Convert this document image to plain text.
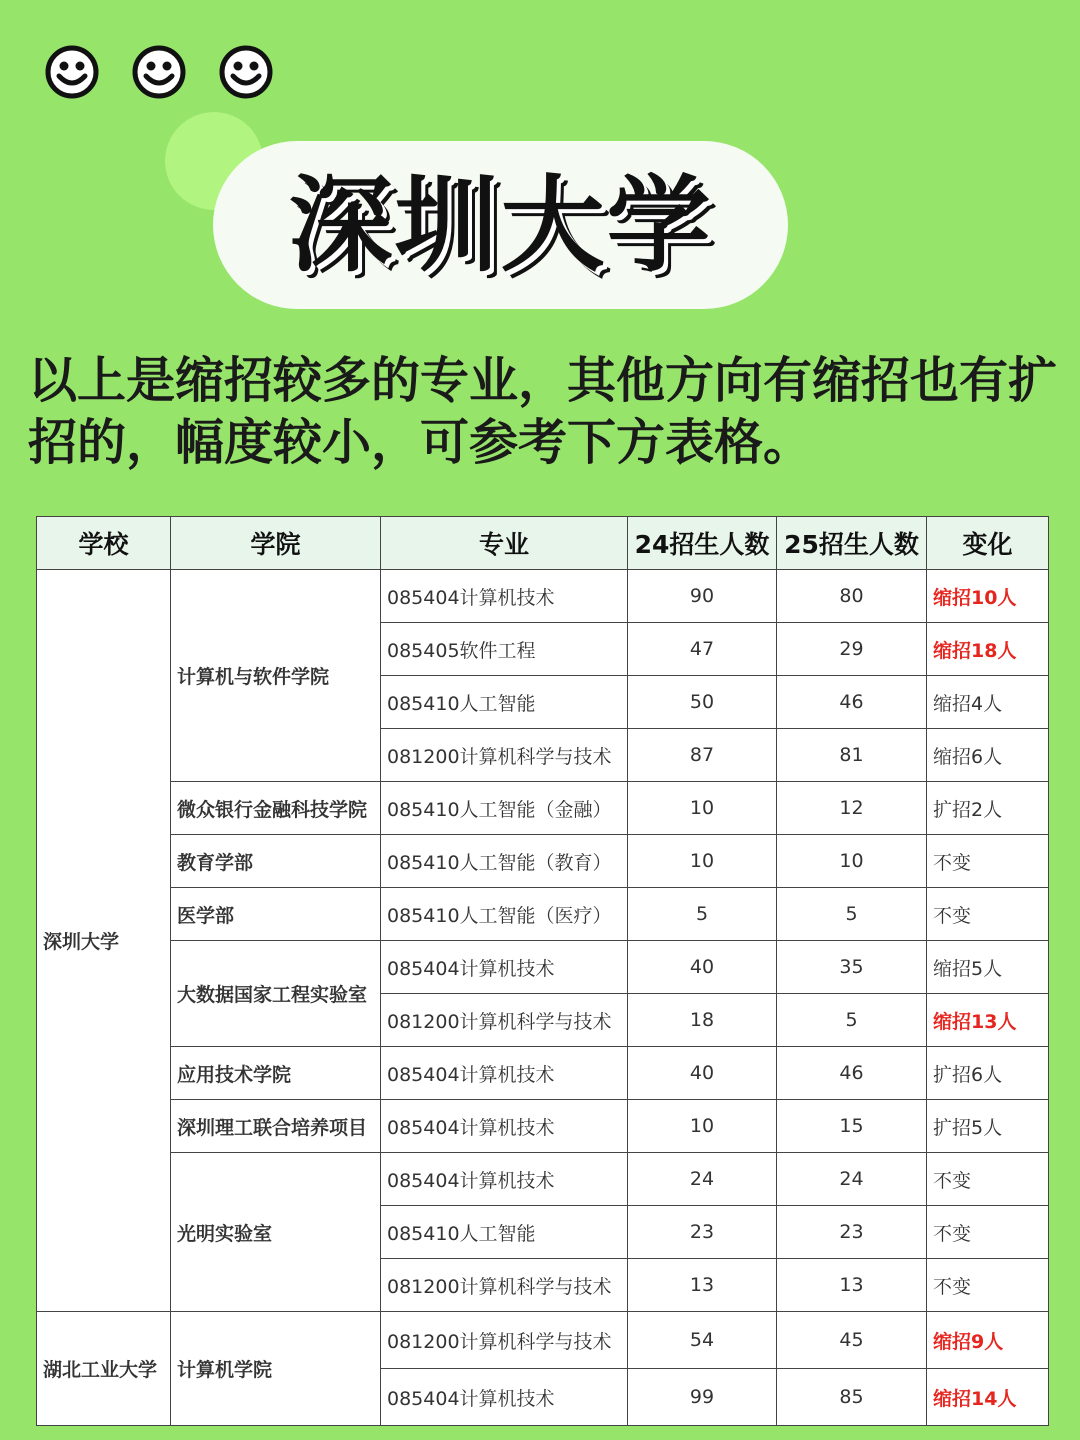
深圳大学

以上是缩招较多的专业，其他方向有缩招也有扩招的，幅度较小，可参考下方表格。

学校	学院	专业	24招生人数	25招生人数	变化
深圳大学	计算机与软件学院	085404计算机技术	90	80	缩招10人
		085405软件工程	47	29	缩招18人
		085410人工智能	50	46	缩招4人
		081200计算机科学与技术	87	81	缩招6人
	微众银行金融科技学院	085410人工智能（金融）	10	12	扩招2人
	教育学部	085410人工智能（教育）	10	10	不变
	医学部	085410人工智能（医疗）	5	5	不变
	大数据国家工程实验室	085404计算机技术	40	35	缩招5人
		081200计算机科学与技术	18	5	缩招13人
	应用技术学院	085404计算机技术	40	46	扩招6人
	深圳理工联合培养项目	085404计算机技术	10	15	扩招5人
	光明实验室	085404计算机技术	24	24	不变
		085410人工智能	23	23	不变
		081200计算机科学与技术	13	13	不变
湖北工业大学	计算机学院	081200计算机科学与技术	54	45	缩招9人
		085404计算机技术	99	85	缩招14人
